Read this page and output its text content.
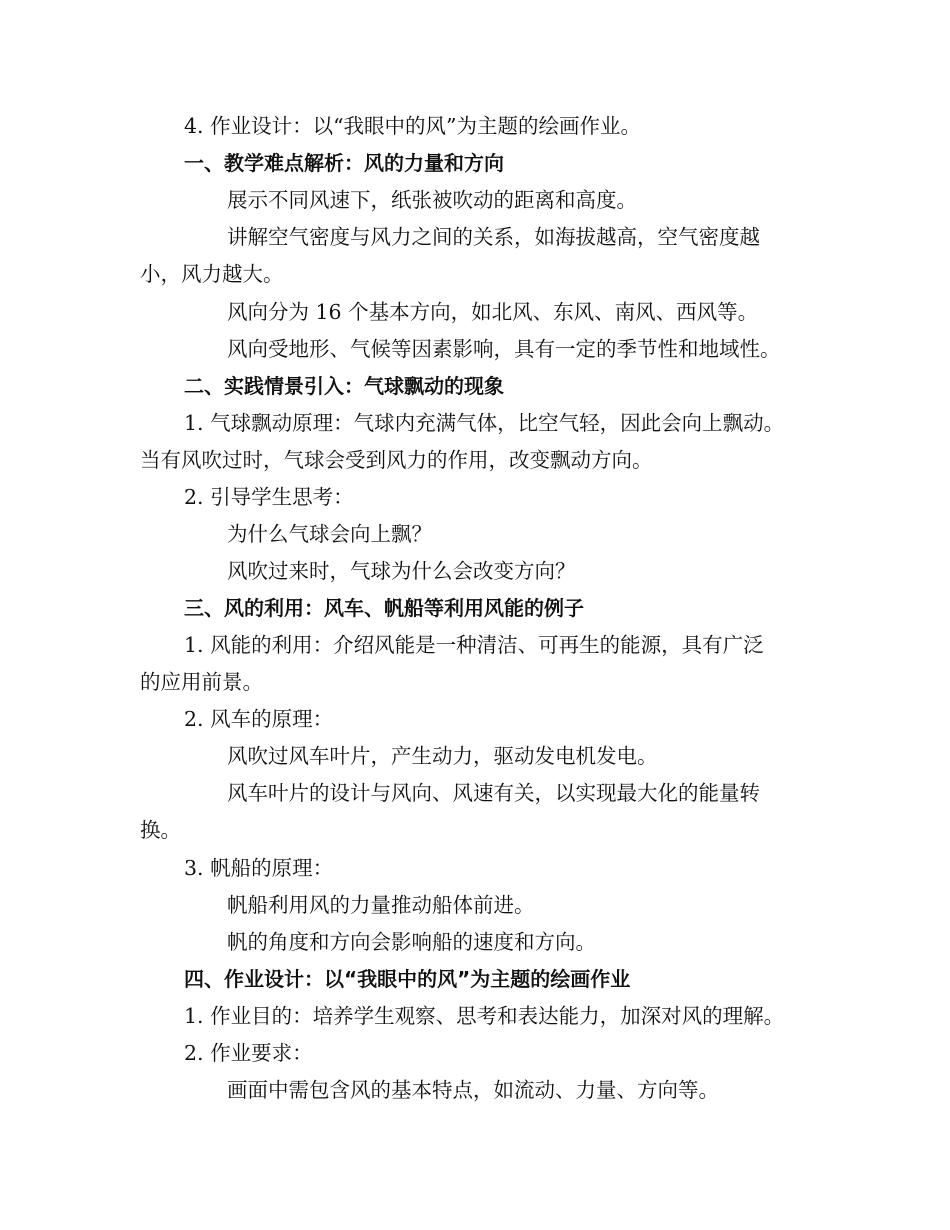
4. 作业设计：以“我眼中的风”为主题的绘画作业。
一、教学难点解析：风的力量和方向
展示不同风速下，纸张被吹动的距离和高度。
讲解空气密度与风力之间的关系，如海拔越高，空气密度越
小，风力越大。
风向分为 16 个基本方向，如北风、东风、南风、西风等。
风向受地形、气候等因素影响，具有一定的季节性和地域性。
二、实践情景引入：气球飘动的现象
1. 气球飘动原理：气球内充满气体，比空气轻，因此会向上飘动。
当有风吹过时，气球会受到风力的作用，改变飘动方向。
2. 引导学生思考：
为什么气球会向上飘？
风吹过来时，气球为什么会改变方向？
三、风的利用：风车、帆船等利用风能的例子
1. 风能的利用：介绍风能是一种清洁、可再生的能源，具有广泛
的应用前景。
2. 风车的原理：
风吹过风车叶片，产生动力，驱动发电机发电。
风车叶片的设计与风向、风速有关，以实现最大化的能量转
换。
3. 帆船的原理：
帆船利用风的力量推动船体前进。
帆的角度和方向会影响船的速度和方向。
四、作业设计：以“我眼中的风”为主题的绘画作业
1. 作业目的：培养学生观察、思考和表达能力，加深对风的理解。
2. 作业要求：
画面中需包含风的基本特点，如流动、力量、方向等。
